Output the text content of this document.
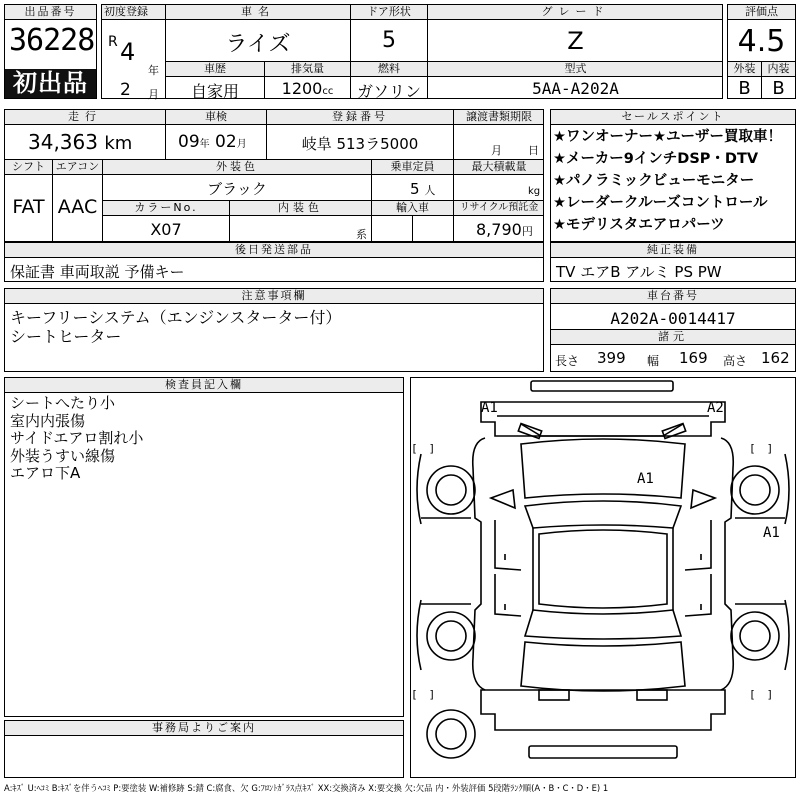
出品番号
36228
初出品
初度登録
R 4
年
2 月
車名
ライズ
ドア形状
5
グレード
Z
車歴
自家用
排気量
1200cc
燃料
ガソリン
型式
5AA-A202A
評価点
4.5
外装	内装
B	B
走行
34,363 km
車検
09年 02月
登録番号
岐阜 513ラ5000
譲渡書類期限
月 日
シフト
FAT
エアコン
AAC
外装色
ブラック
乗車定員
5 人
最大積載量
kg
カラーNo.
X07
内装色
系
輸入車	リサイクル預託金
8,790円
セールスポイント
★ワンオーナー★ユーザー買取車！
★メーカー9インチDSP・DTV
★パノラミックビューモニター
★レーダークルーズコントロール
★モデリスタエアロパーツ
後日発送部品
保証書 車両取説 予備キー
純正装備
TV エアB アルミ PS PW
注意事項欄
キーフリーシステム（エンジンスターター付）
シートヒーター
車台番号
A202A-0014417
諸元
長さ 399 幅 169 高さ 162
検査員記入欄
シートへたり小
室内内張傷
サイドエアロ割れ小
外装うすい線傷
エアロ下A
事務局よりご案内
A1	A2
A1
A1
[　]	[　]
[　]	[　]
A:ｷｽﾞ U:ﾍｺﾐ B:ｷｽﾞを伴うﾍｺﾐ P:要塗装 W:補修跡 S:錆 C:腐食、欠 G:ﾌﾛﾝﾄｶﾞﾗｽ点ｷｽﾞ XX:交換済み X:要交換 欠:欠品 内・外装評価 5段階ﾗﾝｸ順(A・B・C・D・E) 1
